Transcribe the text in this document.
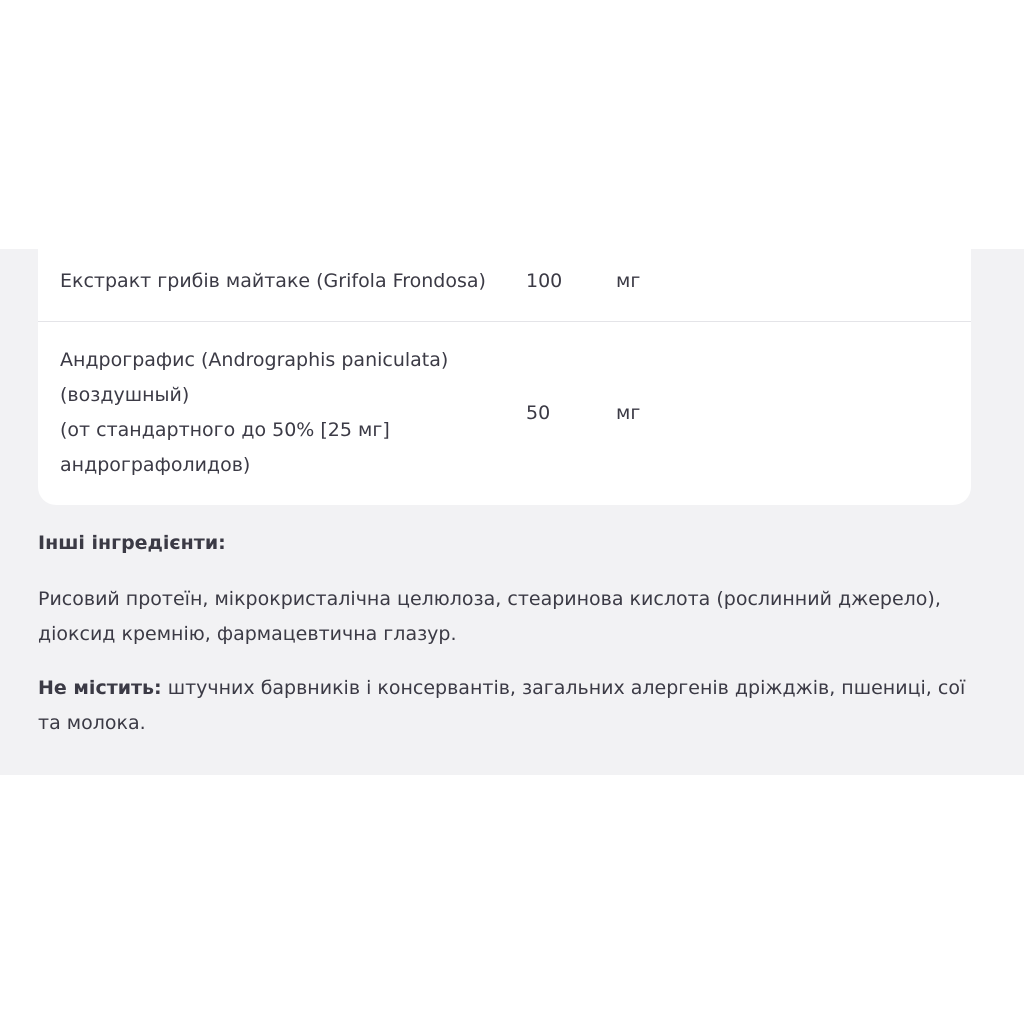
Екстракт грибів майтаке (Grifola Frondosa) 100	мг
Андрографис (Andrographis paniculata)
(воздушный)
(от стандартного до 50% [25 мг]
андрографолидов)
50	мг
Інші інгредієнти:

Рисовий протеїн, мікрокристалічна целюлоза, стеаринова кислота (рослинний джерело), діоксид кремнію, фармацевтична глазур.

Не містить: штучних барвників і консервантів, загальних алергенів дріжджів, пшениці, сої та молока.
